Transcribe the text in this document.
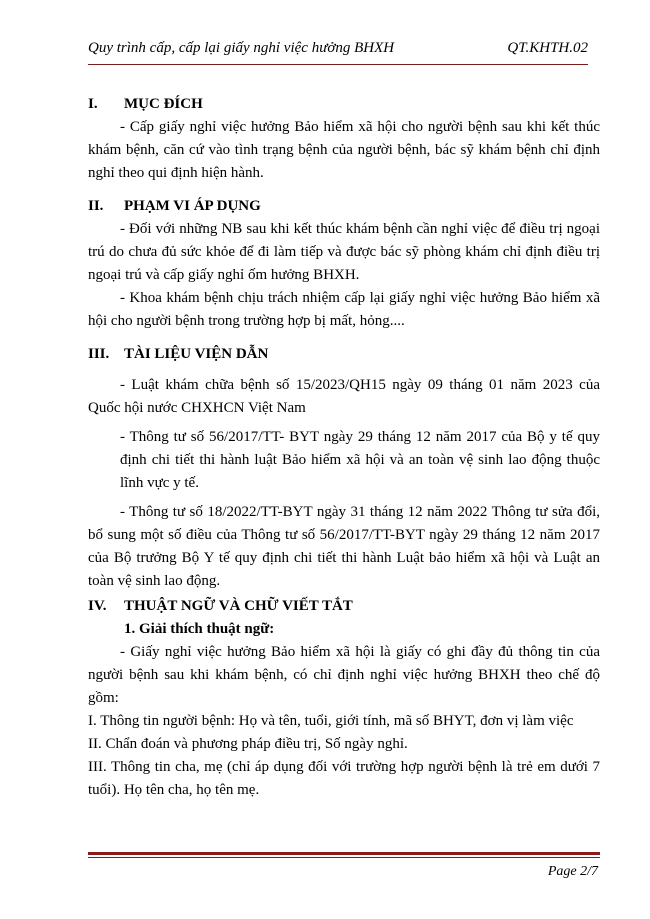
Quy trình cấp, cấp lại giấy nghỉ việc hưởng BHXH	QT.KHTH.02
I.	MỤC ĐÍCH

- Cấp giấy nghỉ việc hưởng Bảo hiểm xã hội cho người bệnh sau khi kết thúc khám bệnh, căn cứ vào tình trạng bệnh của người bệnh, bác sỹ khám bệnh chỉ định nghỉ theo qui định hiện hành.

II.	PHẠM VI ÁP DỤNG

- Đối với những NB sau khi kết thúc khám bệnh cần nghỉ việc để điều trị ngoại trú do chưa đủ sức khỏe để đi làm tiếp và được bác sỹ phòng khám chỉ định điều trị ngoại trú và cấp giấy nghỉ ốm hưởng BHXH.

- Khoa khám bệnh chịu trách nhiệm cấp lại giấy nghỉ việc hưởng Bảo hiểm xã hội cho người bệnh trong trường hợp bị mất, hỏng....

III. TÀI LIỆU VIỆN DẪN

- Luật khám chữa bệnh số 15/2023/QH15 ngày 09 tháng 01 năm 2023 của Quốc hội nước CHXHCN Việt Nam

- Thông tư số 56/2017/TT- BYT ngày 29 tháng 12 năm 2017 của Bộ y tế quy định chi tiết thi hành luật Bảo hiểm xã hội và an toàn vệ sinh lao động thuộc lĩnh vực y tế.

- Thông tư số 18/2022/TT-BYT ngày 31 tháng 12 năm 2022 Thông tư sửa đổi, bổ sung một số điều của Thông tư số 56/2017/TT-BYT ngày 29 tháng 12 năm 2017 của Bộ trưởng Bộ Y tế quy định chi tiết thi hành Luật bảo hiểm xã hội và Luật an toàn vệ sinh lao động.

IV.	THUẬT NGỮ VÀ CHỮ VIẾT TẮT
1. Giải thích thuật ngữ:

- Giấy nghỉ việc hưởng Bảo hiểm xã hội là giấy có ghi đầy đủ thông tin của người bệnh sau khi khám bệnh, có chỉ định nghỉ việc hưởng BHXH theo chế độ gồm:

I. Thông tin người bệnh: Họ và tên, tuổi, giới tính, mã số BHYT, đơn vị làm việc

II. Chẩn đoán và phương pháp điều trị, Số ngày nghỉ.

III. Thông tin cha, mẹ (chỉ áp dụng đối với trường hợp người bệnh là trẻ em dưới 7 tuổi). Họ tên cha, họ tên mẹ.

Page 2/7
